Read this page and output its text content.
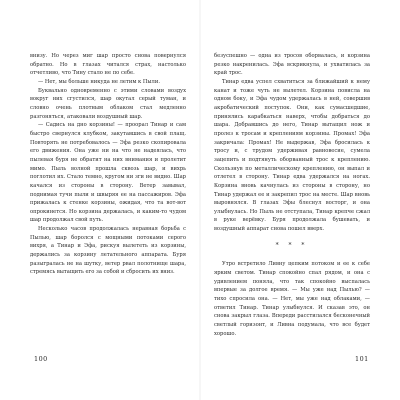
внизу. Но через миг шар просто снова повернулся обратно. Но в глазах читался страх, настолько отчетливо, что Тину стало не по себе.

— Нет, мы больше никуда не летим к Пыли.

Буквально одновременно с этими словами воздух вокруг них сгустился, шар окутал серый туман, и словно очень плотным облаком стал медленно разгоняться, атаковали воздушный шар.

— Садись на дно корзины! — проорал Тинар и сам быстро свернулся клубком, закутавшись в свой плащ. Повторять не потребовалось — Эфа резко скопировала его движения. Она уже ни на что не надеялась, что пылевая буря не обратит на них внимания и пролетит мимо. Пыль волной прошла сквозь шар, и вихрь поглотил их. Стало темно, кругом ни зги не видно. Шар качался из стороны в сторону. Ветер завывал, поднимая тучи пыли и швыряя ее на пассажиров. Эфа прижалась к стенке корзины, ожидая, что та вот-вот опрокинется. Но корзина держалась, и каким-то чудом шар продолжал свой путь.

Несколько часов продолжалась неравная борьба с Пылью, шар боролся с мощными потоками серого вихря, а Тинар и Эфа, рискуя вылететь из корзины, держались за корзину летательного аппарата. Буря разыгралась не на шутку, ветер рвал полотнище шара, стремясь вытащить его за собой и сбросить их вниз.

100

безуспешно — одна из тросов оборвалась, и корзина резко накренилась. Эфа вскрикнула, и ухватилась за край трос.

Тинар едва успел схватиться за ближайший к нему канат и тоже чуть не вылетел. Корзина повисла на одном боку, и Эфа чудом удержалась в ней, совершив акробатический поступок. Они, как сумасшедшие, принялись карабкаться наверх, чтобы добраться до шара. Добравшись до него, Тинар вытащил нож и пролез к тросам и креплениям корзины. Промах! Эфа закричала: Промах! Не выдержав, Эфа бросилась к тросу и, с трудом удерживая равновесие, сумела зацепить и подтянуть оборванный трос к креплению. Скользнув по металлическому креплению, он выпал и отлетел в сторону. Тинар едва удержался на ногах. Корзина вновь качнулась из стороны в сторону, но Тинар удержал ее и закрепил трос на месте. Шар вновь выровнялся. В глазах Эфы блеснул восторг, и она улыбнулась. Но Пыль не отступала, Тинар крепче сжал в руке верёвку. Буря продолжала бушевать, и воздушный аппарат снова пошел вверх.

* * *

Утро встретило Ливну цепким потоком и ее к себе ярким светом. Тинар спокойно спал рядом, и она с удивлением поняла, что так спокойно выспалась впервые за долгое время. — Мы уже над Пылью? — тихо спросила она. — Нет, мы уже над облаками, — ответил Тинар. Тинар улыбнулся. И сказав это, он снова закрыл глаза. Впереди расстилался бесконечный светлый горизонт, и Ливна подумала, что все будет хорошо.

101
